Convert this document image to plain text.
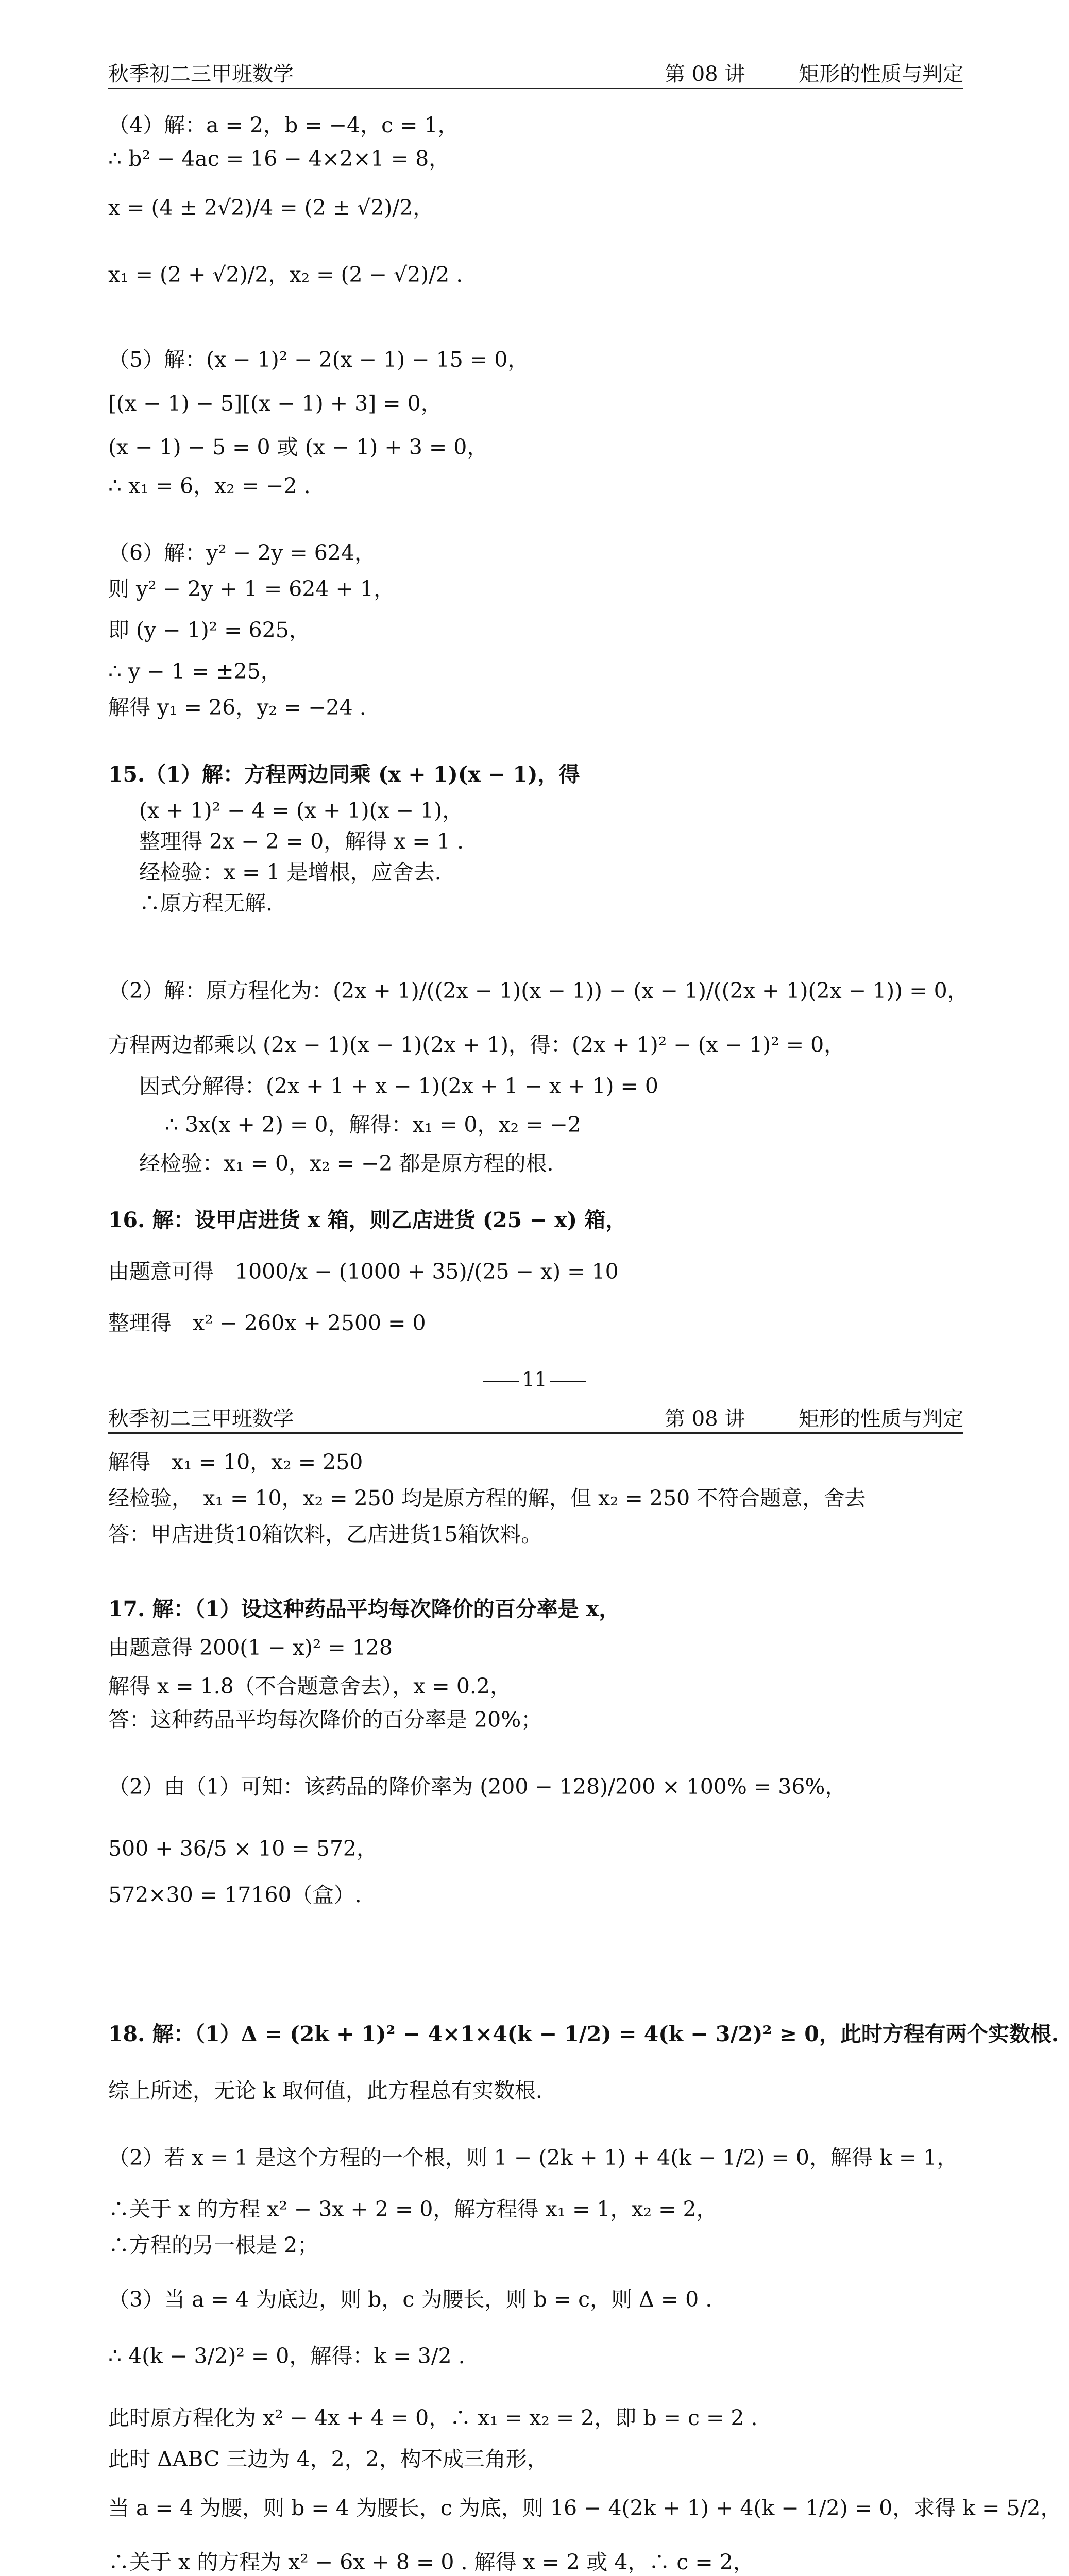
秋季初二三甲班数学	第 08 讲	矩形的性质与判定
（4）解：a = 2，b = −4，c = 1，
∴ b² − 4ac = 16 − 4×2×1 = 8，
x = (4 ± 2√2)/4 = (2 ± √2)/2，
x₁ = (2 + √2)/2，x₂ = (2 − √2)/2 .
（5）解：(x − 1)² − 2(x − 1) − 15 = 0，
[(x − 1) − 5][(x − 1) + 3] = 0，
(x − 1) − 5 = 0 或 (x − 1) + 3 = 0，
∴ x₁ = 6，x₂ = −2 .
（6）解：y² − 2y = 624，
则 y² − 2y + 1 = 624 + 1，
即 (y − 1)² = 625，
∴ y − 1 = ±25，
解得 y₁ = 26，y₂ = −24 .
15.（1）解：方程两边同乘 (x + 1)(x − 1)，得
(x + 1)² − 4 = (x + 1)(x − 1)，
整理得 2x − 2 = 0，解得 x = 1 .
经检验：x = 1 是增根，应舍去.
∴原方程无解.
（2）解：原方程化为：(2x + 1)/((2x − 1)(x − 1)) − (x − 1)/((2x + 1)(2x − 1)) = 0，
方程两边都乘以 (2x − 1)(x − 1)(2x + 1)，得：(2x + 1)² − (x − 1)² = 0，
因式分解得：(2x + 1 + x − 1)(2x + 1 − x + 1) = 0
∴ 3x(x + 2) = 0，解得：x₁ = 0，x₂ = −2
经检验：x₁ = 0，x₂ = −2 都是原方程的根.
16. 解：设甲店进货 x 箱，则乙店进货 (25 − x) 箱，
由题意可得　1000/x − (1000 + 35)/(25 − x) = 10
整理得　x² − 260x + 2500 = 0
11
秋季初二三甲班数学	第 08 讲	矩形的性质与判定
解得　x₁ = 10，x₂ = 250
经检验，　x₁ = 10，x₂ = 250 均是原方程的解，但 x₂ = 250 不符合题意，舍去
答：甲店进货10箱饮料，乙店进货15箱饮料。
17. 解：（1）设这种药品平均每次降价的百分率是 x，
由题意得 200(1 − x)² = 128
解得 x = 1.8（不合题意舍去），x = 0.2，
答：这种药品平均每次降价的百分率是 20%；
（2）由（1）可知：该药品的降价率为 (200 − 128)/200 × 100% = 36%，
500 + 36/5 × 10 = 572，
572×30 = 17160（盒）.
18. 解：（1）Δ = (2k + 1)² − 4×1×4(k − 1/2) = 4(k − 3/2)² ≥ 0，此时方程有两个实数根.
综上所述，无论 k 取何值，此方程总有实数根.
（2）若 x = 1 是这个方程的一个根，则 1 − (2k + 1) + 4(k − 1/2) = 0，解得 k = 1，
∴关于 x 的方程 x² − 3x + 2 = 0，解方程得 x₁ = 1，x₂ = 2，
∴方程的另一根是 2；
（3）当 a = 4 为底边，则 b，c 为腰长，则 b = c，则 Δ = 0 .
∴ 4(k − 3/2)² = 0，解得：k = 3/2 .
此时原方程化为 x² − 4x + 4 = 0，∴ x₁ = x₂ = 2，即 b = c = 2 .
此时 ΔABC 三边为 4，2，2，构不成三角形，
当 a = 4 为腰，则 b = 4 为腰长，c 为底，则 16 − 4(2k + 1) + 4(k − 1/2) = 0，求得 k = 5/2，
∴关于 x 的方程为 x² − 6x + 8 = 0 . 解得 x = 2 或 4，∴ c = 2，
